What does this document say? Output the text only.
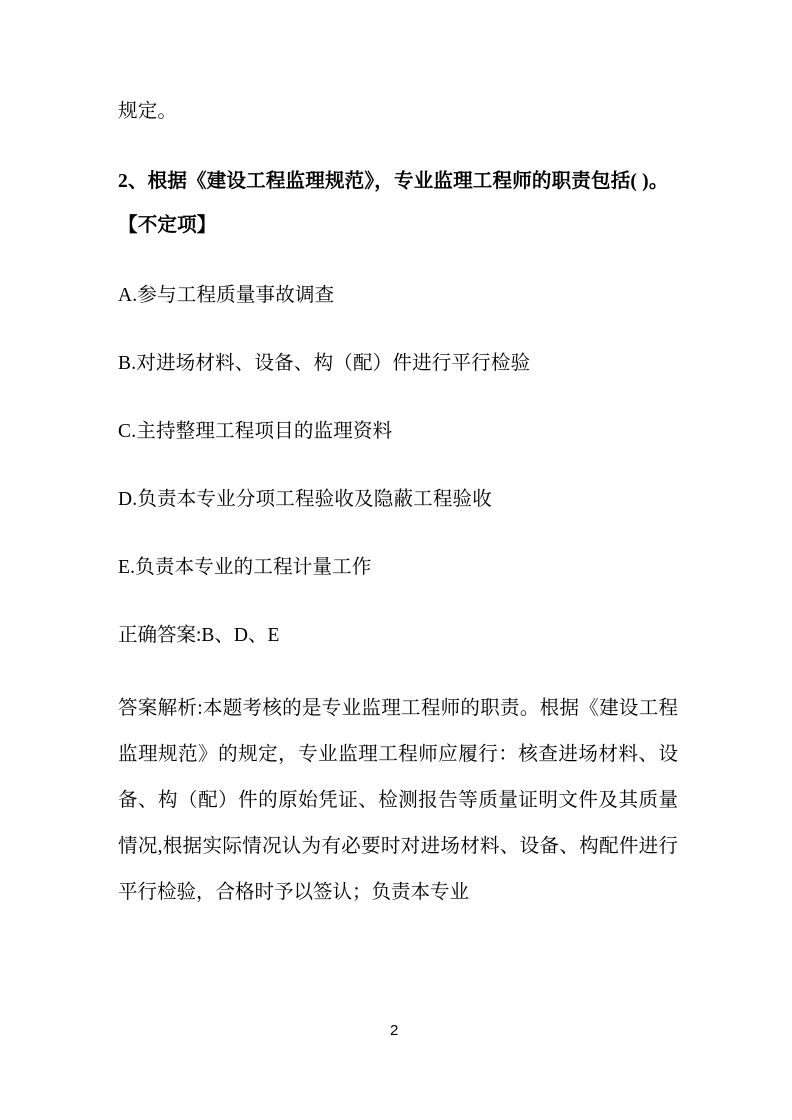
规定。

2、根据《建设工程监理规范》，专业监理工程师的职责包括( )。【不定项】

A.参与工程质量事故调查

B.对进场材料、设备、构（配）件进行平行检验

C.主持整理工程项目的监理资料

D.负责本专业分项工程验收及隐蔽工程验收

E.负责本专业的工程计量工作

正确答案:B、D、E

答案解析:本题考核的是专业监理工程师的职责。根据《建设工程监理规范》的规定，专业监理工程师应履行：核查进场材料、设备、构（配）件的原始凭证、检测报告等质量证明文件及其质量情况,根据实际情况认为有必要时对进场材料、设备、构配件进行平行检验，合格时予以签认；负责本专业

2
